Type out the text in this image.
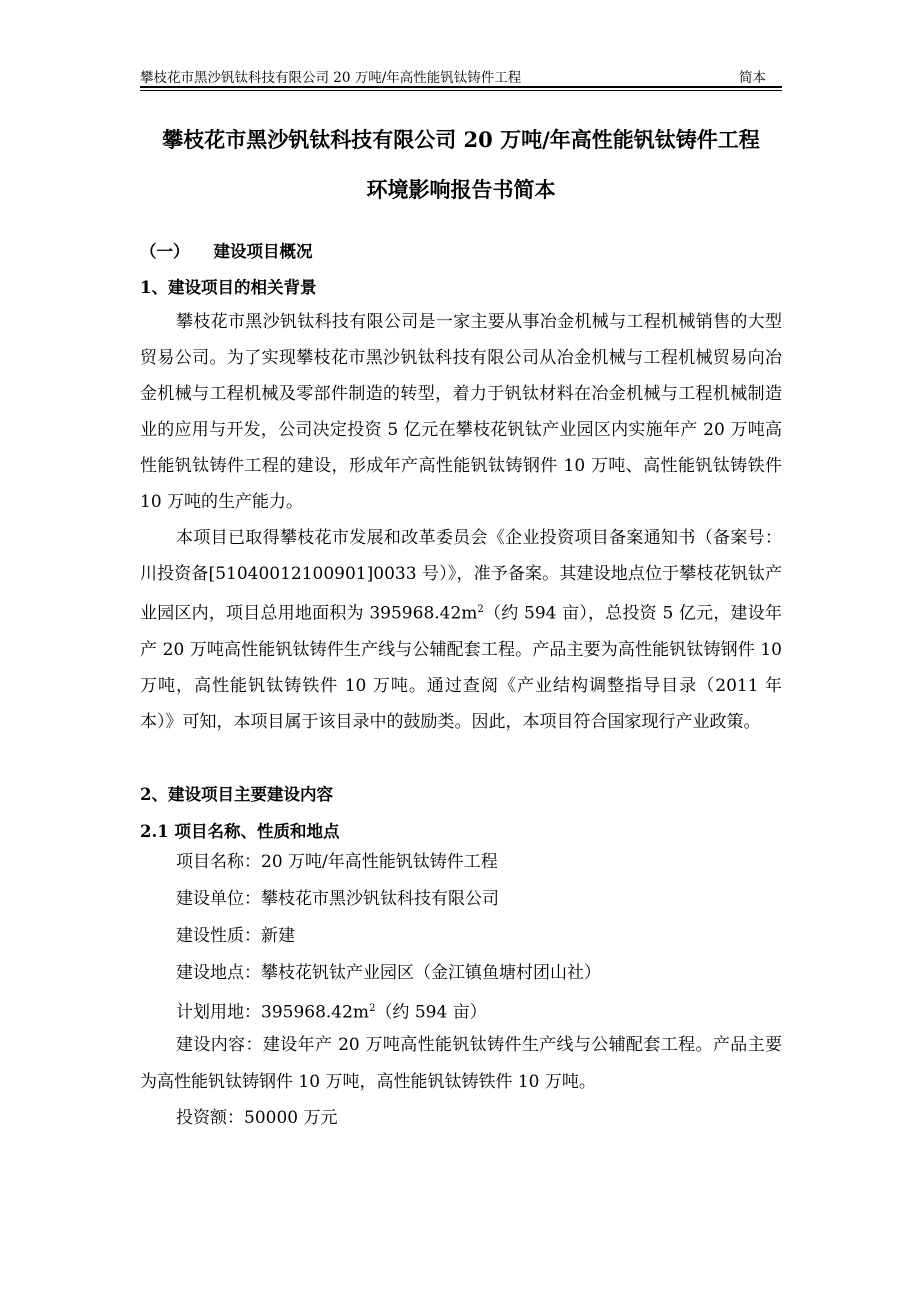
攀枝花市黑沙钒钛科技有限公司 20 万吨/年高性能钒钛铸件工程	简本
攀枝花市黑沙钒钛科技有限公司 20 万吨/年高性能钒钛铸件工程
环境影响报告书简本
（一） 建设项目概况
1、建设项目的相关背景
攀枝花市黑沙钒钛科技有限公司是一家主要从事冶金机械与工程机械销售的大型贸易公司。为了实现攀枝花市黑沙钒钛科技有限公司从冶金机械与工程机械贸易向冶金机械与工程机械及零部件制造的转型，着力于钒钛材料在冶金机械与工程机械制造业的应用与开发，公司决定投资 5 亿元在攀枝花钒钛产业园区内实施年产 20 万吨高性能钒钛铸件工程的建设，形成年产高性能钒钛铸钢件 10 万吨、高性能钒钛铸铁件 10 万吨的生产能力。
本项目已取得攀枝花市发展和改革委员会《企业投资项目备案通知书（备案号：川投资备[51040012100901]0033 号）》，准予备案。其建设地点位于攀枝花钒钛产业园区内，项目总用地面积为 $395968.42m^2$（约 594 亩），总投资 5 亿元，建设年产 20 万吨高性能钒钛铸件生产线与公辅配套工程。产品主要为高性能钒钛铸钢件 10 万吨，高性能钒钛铸铁件 10 万吨。通过查阅《产业结构调整指导目录（2011 年本）》可知，本项目属于该目录中的鼓励类。因此，本项目符合国家现行产业政策。
2、建设项目主要建设内容
2.1 项目名称、性质和地点
项目名称：20 万吨/年高性能钒钛铸件工程
建设单位：攀枝花市黑沙钒钛科技有限公司
建设性质：新建
建设地点：攀枝花钒钛产业园区（金江镇鱼塘村团山社）
计划用地：$395968.42m^2$（约 594 亩）
建设内容：建设年产 20 万吨高性能钒钛铸件生产线与公辅配套工程。产品主要为高性能钒钛铸钢件 10 万吨，高性能钒钛铸铁件 10 万吨。
投资额：50000 万元
